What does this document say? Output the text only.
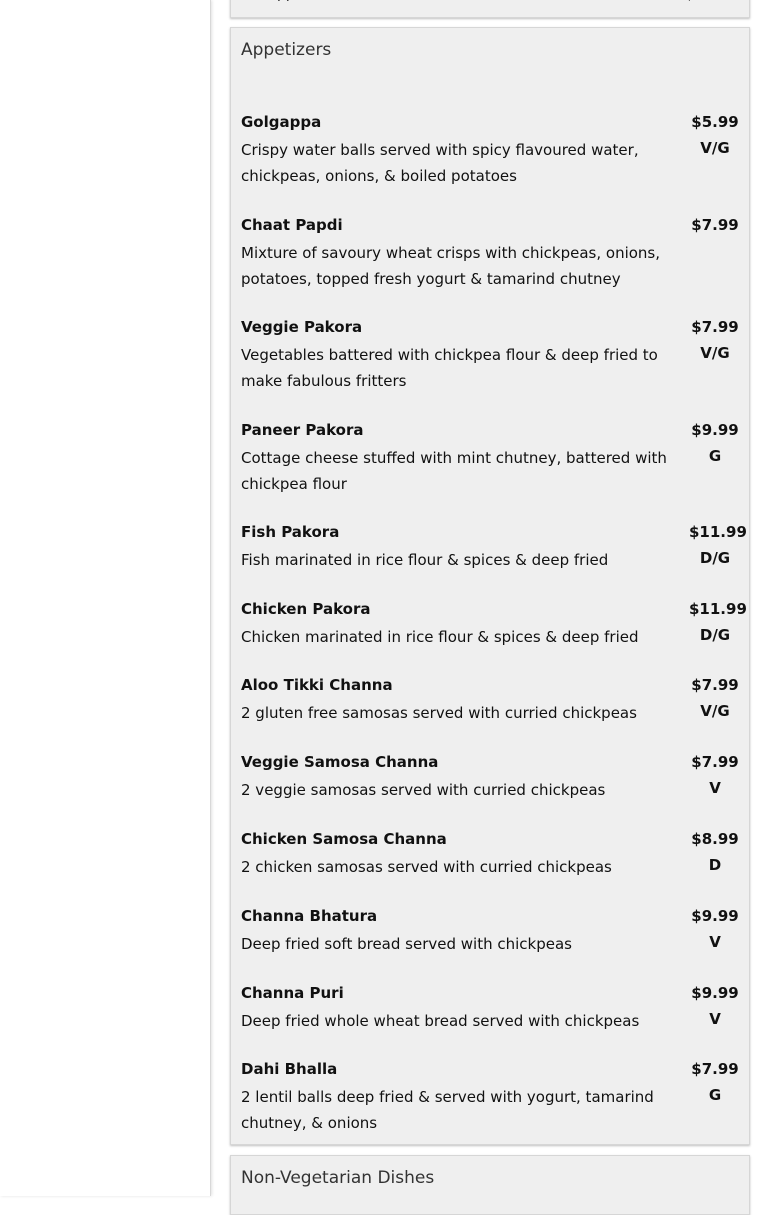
Appetizers
Golgappa	$5.99
V/G
Crispy water balls served with spicy flavoured water, chickpeas, onions, & boiled potatoes
Chaat Papdi	$7.99
Mixture of savoury wheat crisps with chickpeas, onions, potatoes, topped fresh yogurt & tamarind chutney
Veggie Pakora	$7.99
V/G
Vegetables battered with chickpea flour & deep fried to make fabulous fritters
Paneer Pakora	$9.99
G
Cottage cheese stuffed with mint chutney, battered with chickpea flour
Fish Pakora	$11.99
D/G
Fish marinated in rice flour & spices & deep fried
Chicken Pakora	$11.99
D/G
Chicken marinated in rice flour & spices & deep fried
Aloo Tikki Channa	$7.99
V/G
2 gluten free samosas served with curried chickpeas
Veggie Samosa Channa	$7.99
V
2 veggie samosas served with curried chickpeas
Chicken Samosa Channa	$8.99
D
2 chicken samosas served with curried chickpeas
Channa Bhatura	$9.99
V
Deep fried soft bread served with chickpeas
Channa Puri	$9.99
V
Deep fried whole wheat bread served with chickpeas
Dahi Bhalla	$7.99
G
2 lentil balls deep fried & served with yogurt, tamarind chutney, & onions
Non-Vegetarian Dishes
